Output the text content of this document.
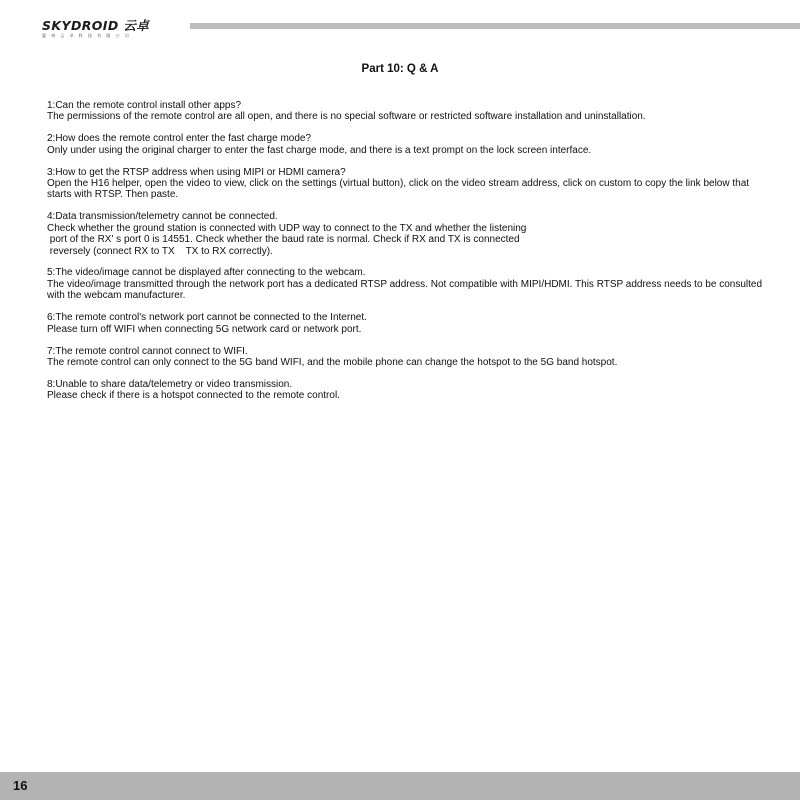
SKYDROID 云卓
惠州云卓科技有限公司
Part 10: Q & A
1:Can the remote control install other apps?
The permissions of the remote control are all open, and there is no special software or restricted software installation and uninstallation.
2:How does the remote control enter the fast charge mode?
Only under using the original charger to enter the fast charge mode, and there is a text prompt on the lock screen interface.
3:How to get the RTSP address when using MIPI or HDMI camera?
Open the H16 helper, open the video to view, click on the settings (virtual button), click on the video stream address, click on custom to copy the link below that starts with RTSP. Then paste.
4:Data transmission/telemetry cannot be connected.
Check whether the ground station is connected with UDP way to connect to the TX and whether the listening
port of the RX' s port 0 is 14551. Check whether the baud rate is normal. Check if RX and TX is connected
reversely (connect RX to TX    TX to RX correctly).
5:The video/image cannot be displayed after connecting to the webcam.
The video/image transmitted through the network port has a dedicated RTSP address. Not compatible with MIPI/HDMI. This RTSP address needs to be consulted with the webcam manufacturer.
6:The remote control's network port cannot be connected to the Internet.
Please turn off WIFI when connecting 5G network card or network port.
7:The remote control cannot connect to WIFI.
The remote control can only connect to the 5G band WIFI, and the mobile phone can change the hotspot to the 5G band hotspot.
8:Unable to share data/telemetry or video transmission.
Please check if there is a hotspot connected to the remote control.
16
